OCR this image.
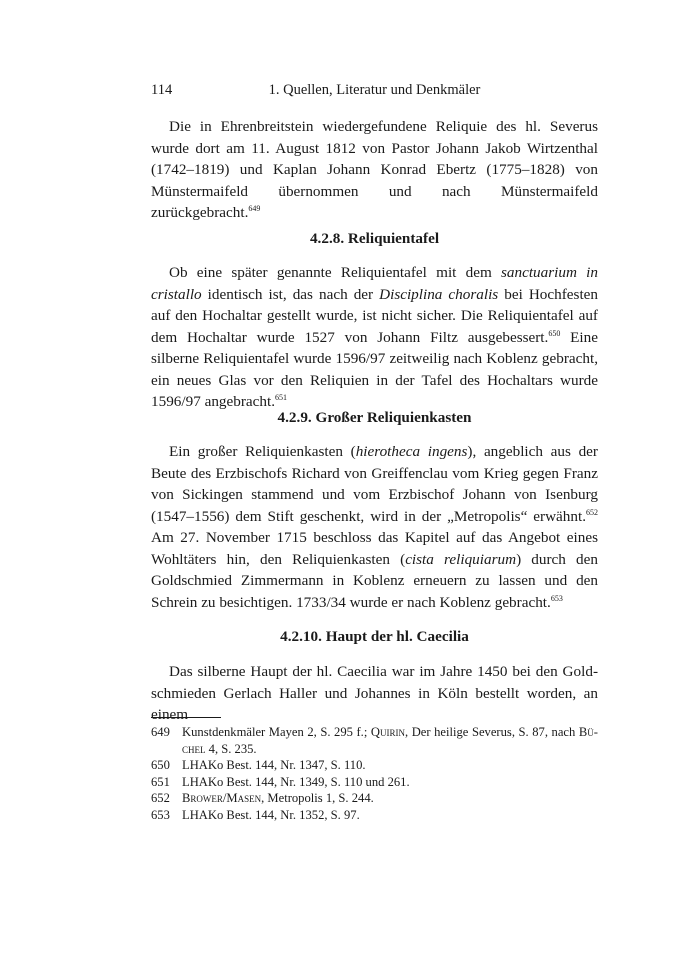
114	1. Quellen, Literatur und Denkmäler

Die in Ehrenbreitstein wiedergefundene Reliquie des hl. Severus wurde dort am 11. August 1812 von Pastor Johann Jakob Wirtzenthal (1742–1819) und Kaplan Johann Konrad Ebertz (1775–1828) von Münstermaifeld übernommen und nach Münstermaifeld zurückgebracht.$^{649}$

4.2.8. Reliquientafel

Ob eine später genannte Reliquientafel mit dem sanctuarium in cristallo identisch ist, das nach der Disciplina choralis bei Hochfesten auf den Hochaltar gestellt wurde, ist nicht sicher. Die Reliquientafel auf dem Hochaltar wurde 1527 von Johann Filtz ausgebessert.$^{650}$ Eine silberne Reliquientafel wurde 1596/97 zeitweilig nach Koblenz gebracht, ein neues Glas vor den Reliquien in der Tafel des Hochaltars wurde 1596/97 angebracht.$^{651}$

4.2.9. Großer Reliquienkasten

Ein großer Reliquienkasten (hierotheca ingens), angeblich aus der Beute des Erzbischofs Richard von Greiffenclau vom Krieg gegen Franz von Sickingen stammend und vom Erzbischof Johann von Isenburg (1547–1556) dem Stift geschenkt, wird in der „Metropolis“ erwähnt.$^{652}$ Am 27. November 1715 beschloss das Kapitel auf das Angebot eines Wohltäters hin, den Reliquienkasten (cista reliquiarum) durch den Goldschmied Zimmermann in Koblenz erneuern zu lassen und den Schrein zu besichtigen. 1733/34 wurde er nach Koblenz gebracht.$^{653}$

4.2.10. Haupt der hl. Caecilia

Das silberne Haupt der hl. Caecilia war im Jahre 1450 bei den Goldschmieden Gerlach Haller und Johannes in Köln bestellt worden, an einem

649 Kunstdenkmäler Mayen 2, S. 295 f.; Quirin, Der heilige Severus, S. 87, nach Büchel 4, S. 235.
650 LHAKo Best. 144, Nr. 1347, S. 110.
651 LHAKo Best. 144, Nr. 1349, S. 110 und 261.
652 Brower/Masen, Metropolis 1, S. 244.
653 LHAKo Best. 144, Nr. 1352, S. 97.
